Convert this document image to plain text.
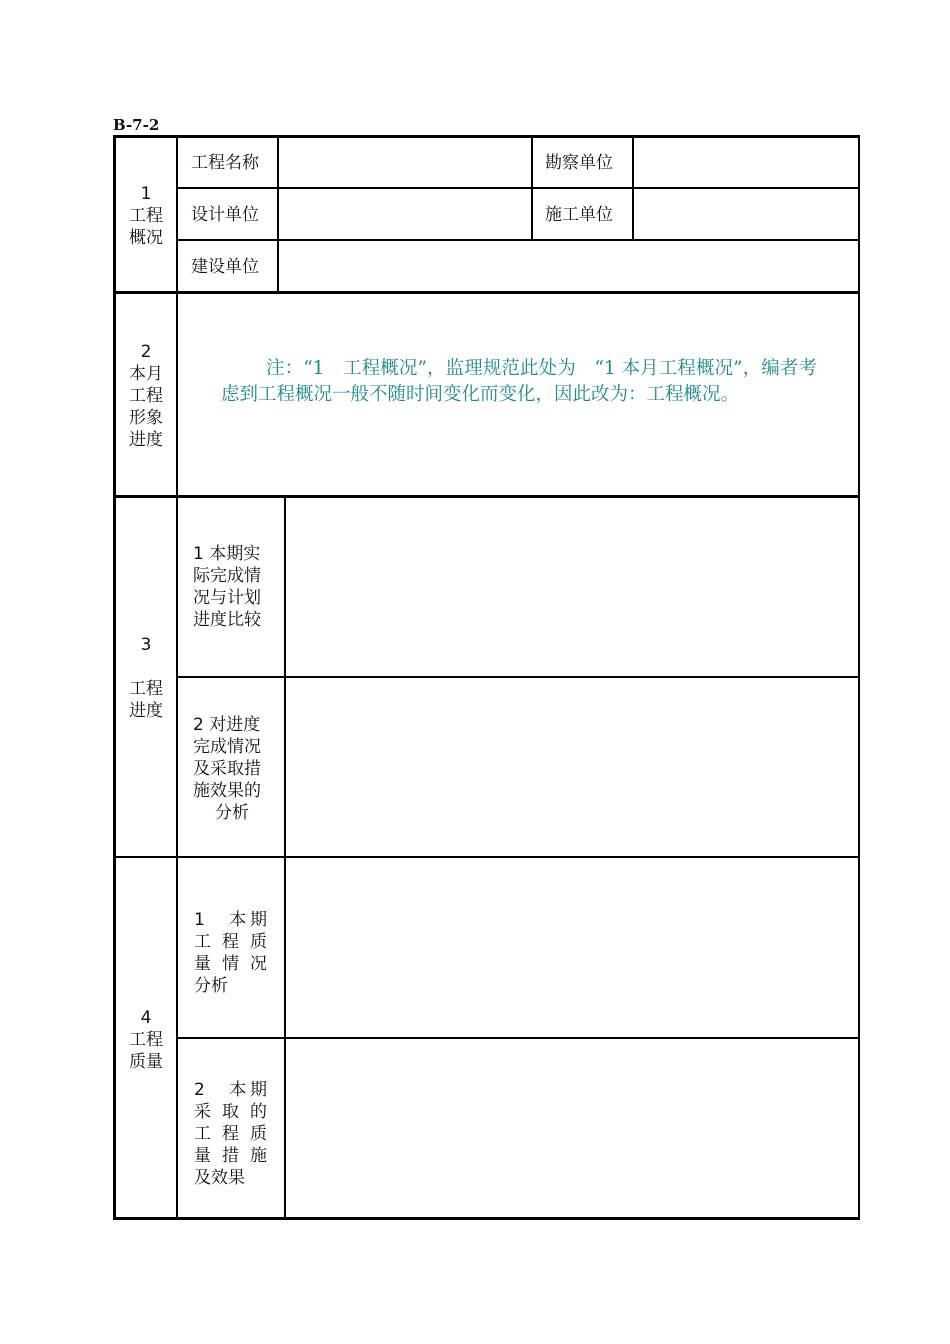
B-7-2
1
工程
概况
工程名称	勘察单位
设计单位	施工单位
建设单位
2
本月
工程
形象
进度
注：“1　工程概况”，监理规范此处为　“1 本月工程概况”，编者考虑到工程概况一般不随时间变化而变化，因此改为：工程概况。
3
工程
进度
1 本期实
际完成情
况与计划
进度比较
2 对进度
完成情况
及采取措
施效果的
分析
4
工程
质量
1　本期
工程质
量情况
分析
2　本期
采取的
工程质
量措施
及效果
